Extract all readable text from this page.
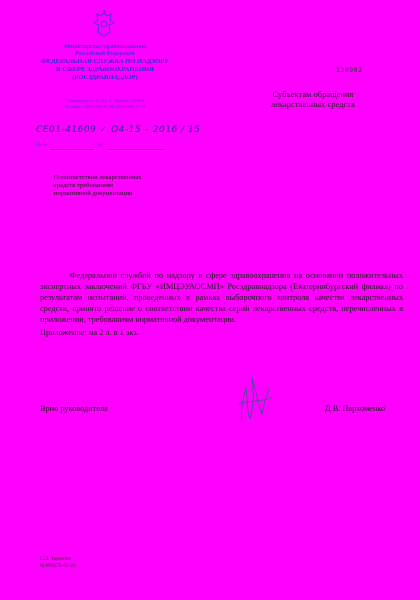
Министерство здравоохранения
Российской Федерации
ФЕДЕРАЛЬНАЯ СЛУЖБА ПО НАДЗОРУ
В СФЕРЕ ЗДРАВООХРАНЕНИЯ
(РОСЗДРАВНАДЗОР)
Славянская пл. 4, стр. 1, Москва, 109074
Телефон: (495) 698 45 38; (495) 698 15 74
СЕ01-41609 ✓ О4-15 – 2016 / 15
На №	от
130902
Субъектам обращения
лекарственных средств
О соответствии лекарственных
средств требованиям
нормативной документации
Федеральной службой по надзору в сфере здравоохранения на основании положительных экспертных заключений ФГБУ «ИМЦЭУАОСМП» Росздравнадзора (Екатеринбургский филиал) по результатам испытаний, проведенных в рамках выборочного контроля качества лекарственных средств, принято решение о соответствии качества серий лекарственных средств, перечисленных в приложении, требованиям нормативной документации.
Приложение: на 2 л. в 1 экз.
Врио руководителя	Д.В. Пархоменко
С.Л. Терехова
8(499)578-01-23
